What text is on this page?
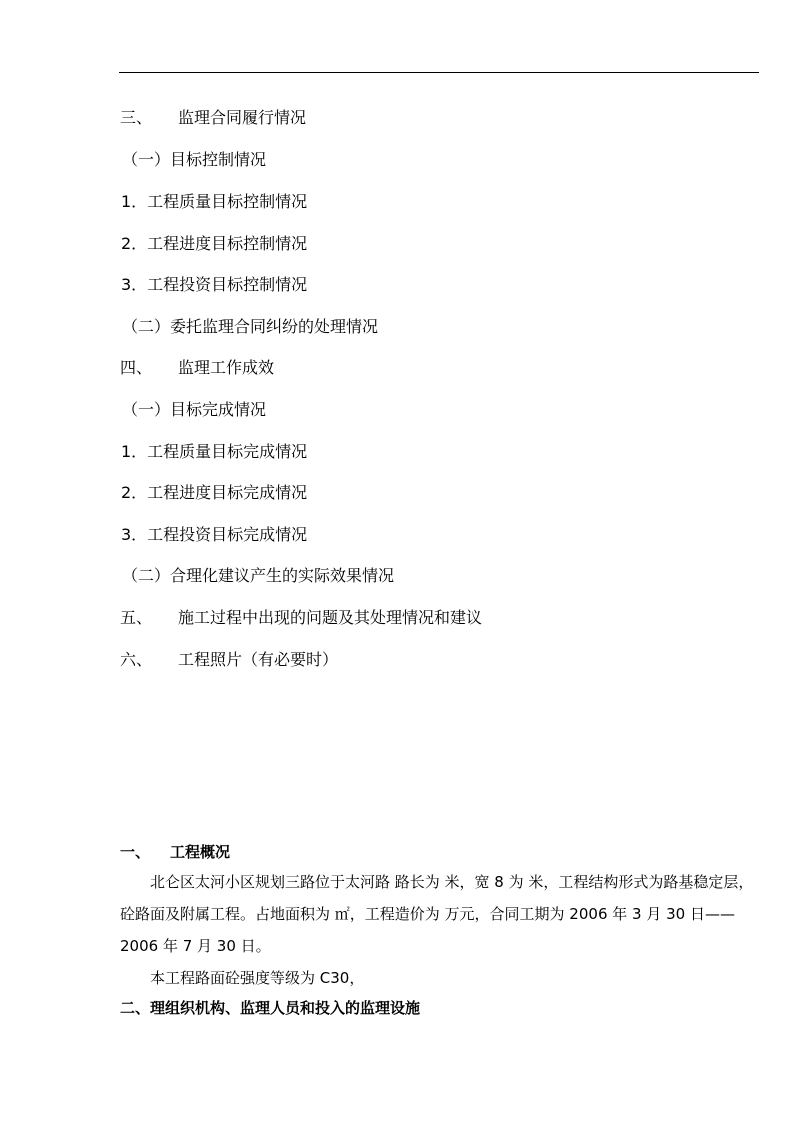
三、 监理合同履行情况
（一）目标控制情况
1．工程质量目标控制情况
2．工程进度目标控制情况
3．工程投资目标控制情况
（二）委托监理合同纠纷的处理情况
四、 监理工作成效
（一）目标完成情况
1．工程质量目标完成情况
2．工程进度目标完成情况
3．工程投资目标完成情况
（二）合理化建议产生的实际效果情况
五、 施工过程中出现的问题及其处理情况和建议
六、 工程照片（有必要时）
一、 工程概况
北仑区太河小区规划三路位于太河路 路长为 米，宽 8 为 米，工程结构形式为路基稳定层，砼路面及附属工程。占地面积为 ㎡，工程造价为 万元，合同工期为 2006 年 3 月 30 日——2006 年 7 月 30 日。
本工程路面砼强度等级为 C30，
二、理组织机构、监理人员和投入的监理设施
